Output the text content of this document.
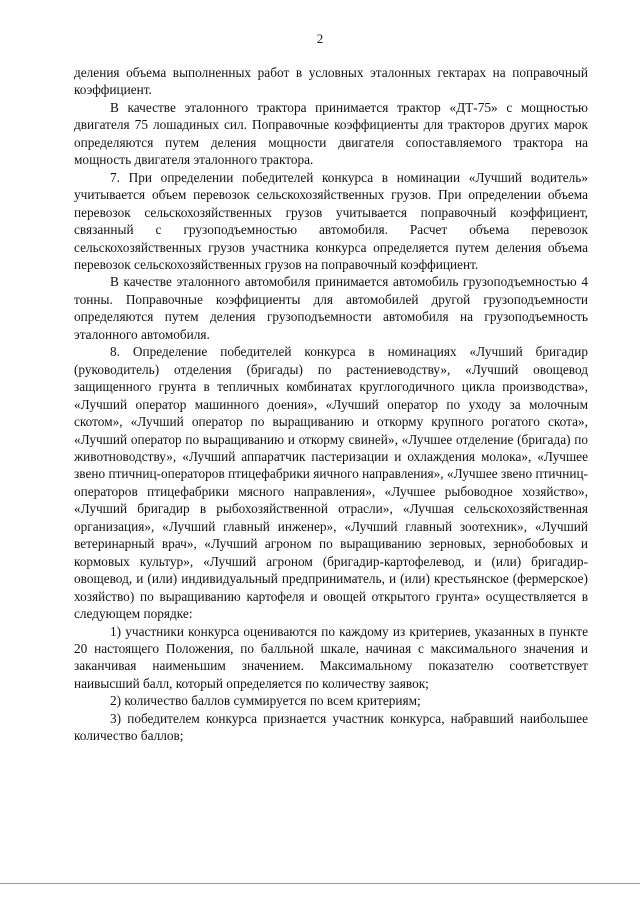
2

деления объема выполненных работ в условных эталонных гектарах на поправочный коэффициент.

В качестве эталонного трактора принимается трактор «ДТ-75» с мощностью двигателя 75 лошадиных сил. Поправочные коэффициенты для тракторов других марок определяются путем деления мощности двигателя сопоставляемого трактора на мощность двигателя эталонного трактора.

7. При определении победителей конкурса в номинации «Лучший водитель» учитывается объем перевозок сельскохозяйственных грузов. При определении объема перевозок сельскохозяйственных грузов учитывается поправочный коэффициент, связанный с грузоподъемностью автомобиля. Расчет объема перевозок сельскохозяйственных грузов участника конкурса определяется путем деления объема перевозок сельскохозяйственных грузов на поправочный коэффициент.

В качестве эталонного автомобиля принимается автомобиль грузоподъемностью 4 тонны. Поправочные коэффициенты для автомобилей другой грузоподъемности определяются путем деления грузоподъемности автомобиля на грузоподъемность эталонного автомобиля.

8. Определение победителей конкурса в номинациях «Лучший бригадир (руководитель) отделения (бригады) по растениеводству», «Лучший овощевод защищенного грунта в тепличных комбинатах круглогодичного цикла производства», «Лучший оператор машинного доения», «Лучший оператор по уходу за молочным скотом», «Лучший оператор по выращиванию и откорму крупного рогатого скота», «Лучший оператор по выращиванию и откорму свиней», «Лучшее отделение (бригада) по животноводству», «Лучший аппаратчик пастеризации и охлаждения молока», «Лучшее звено птичниц-операторов птицефабрики яичного направления», «Лучшее звено птичниц-операторов птицефабрики мясного направления», «Лучшее рыбоводное хозяйство», «Лучший бригадир в рыбохозяйственной отрасли», «Лучшая сельскохозяйственная организация», «Лучший главный инженер», «Лучший главный зоотехник», «Лучший ветеринарный врач», «Лучший агроном по выращиванию зерновых, зернобобовых и кормовых культур», «Лучший агроном (бригадир-картофелевод, и (или) бригадир-овощевод, и (или) индивидуальный предприниматель, и (или) крестьянское (фермерское) хозяйство) по выращиванию картофеля и овощей открытого грунта» осуществляется в следующем порядке:

1) участники конкурса оцениваются по каждому из критериев, указанных в пункте 20 настоящего Положения, по балльной шкале, начиная с максимального значения и заканчивая наименьшим значением. Максимальному показателю соответствует наивысший балл, который определяется по количеству заявок;

2) количество баллов суммируется по всем критериям;

3) победителем конкурса признается участник конкурса, набравший наибольшее количество баллов;
